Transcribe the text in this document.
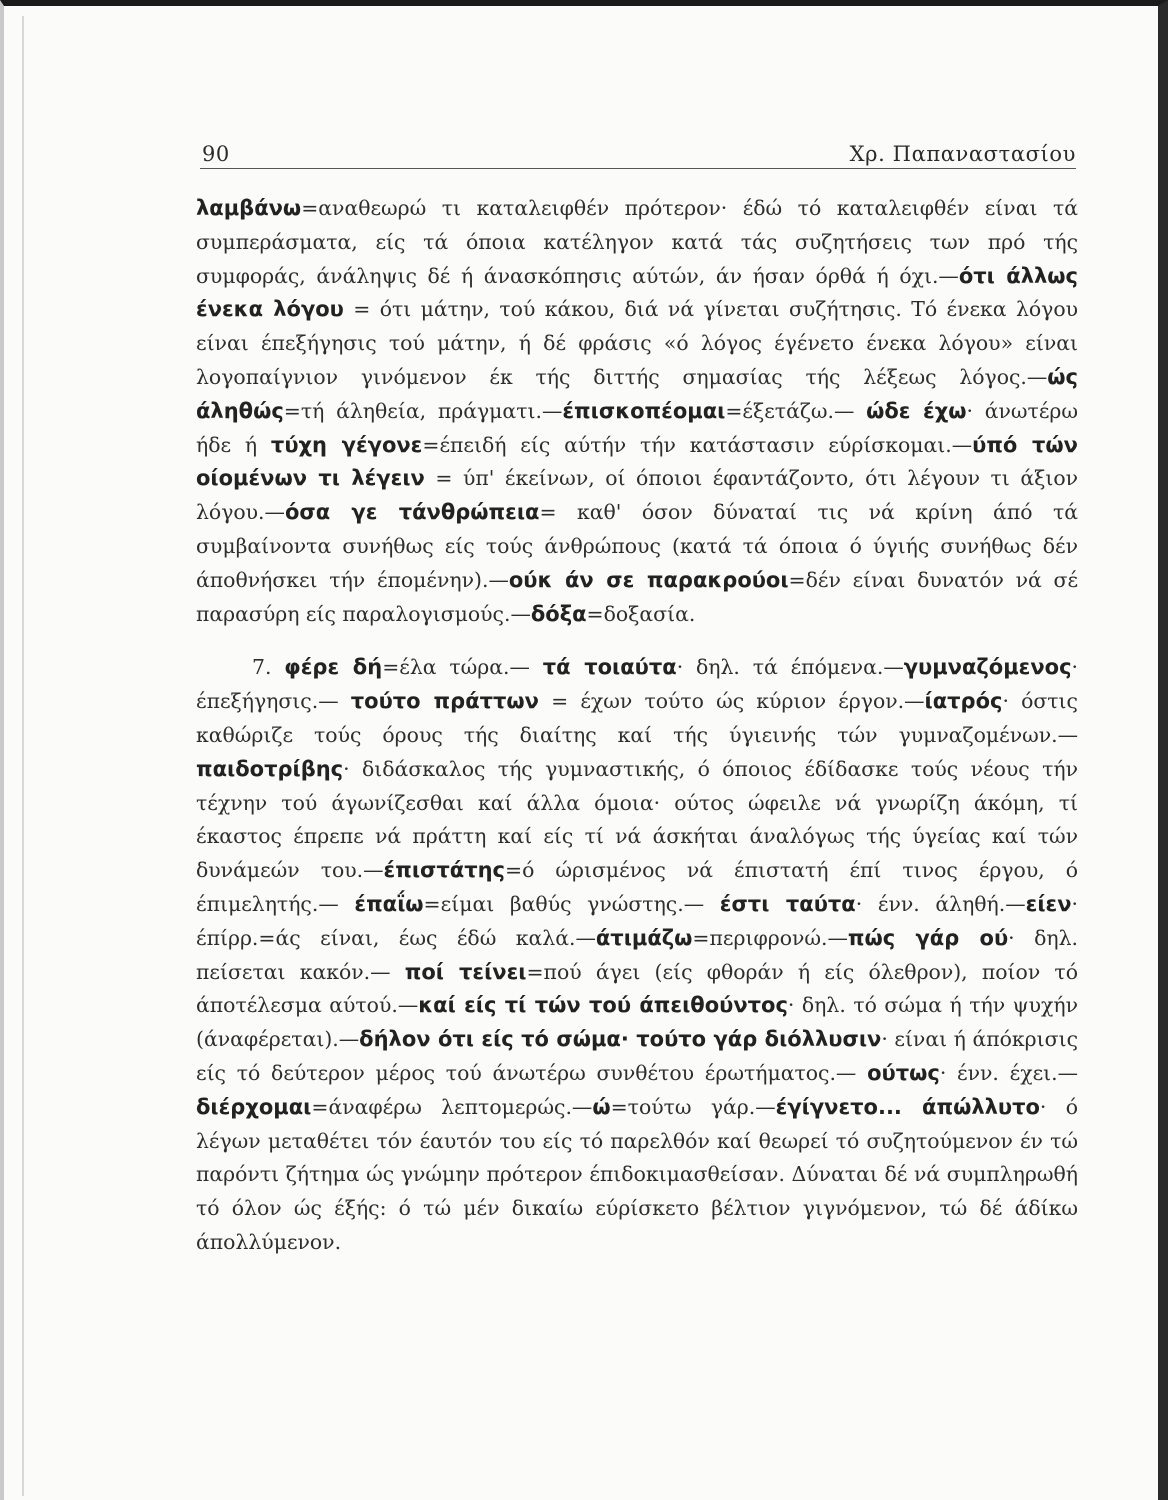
90	Χρ. Παπαναστασίου

λαμβάνω=αναθεωρώ τι καταλειφθέν πρότερον· έδώ τό καταλειφθέν είναι τά συμπεράσματα, είς τά όποια κατέληγον κατά τάς συζητήσεις των πρό τής συμφοράς, άνάληψις δέ ή άνασκόπησις αύτών, άν ήσαν όρθά ή όχι.—ότι άλλως ένεκα λόγου = ότι μάτην, τού κάκου, διά νά γίνεται συζήτησις. Τό ένεκα λόγου είναι έπεξήγησις τού μάτην, ή δέ φράσις «ό λόγος έγένετο ένεκα λόγου» είναι λογοπαίγνιον γινόμενον έκ τής διττής σημασίας τής λέξεως λόγος.—ώς άληθώς=τή άληθεία, πράγματι.—έπισκοπέομαι=έξετάζω.— ώδε έχω· άνωτέρω ήδε ή τύχη γέγονε=έπειδή είς αύτήν τήν κατάστασιν εύρίσκομαι.—ύπό τών οίομένων τι λέγειν = ύπ' έκείνων, οί όποιοι έφαντάζοντο, ότι λέγουν τι άξιον λόγου.—όσα γε τάνθρώπεια= καθ' όσον δύναταί τις νά κρίνη άπό τά συμβαίνοντα συνήθως είς τούς άνθρώπους (κατά τά όποια ό ύγιής συνήθως δέν άποθνήσκει τήν έπομένην).—ούκ άν σε παρακρούοι=δέν είναι δυνατόν νά σέ παρασύρη είς παραλογισμούς.—δόξα=δοξασία.

7. φέρε δή=έλα τώρα.— τά τοιαύτα· δηλ. τά έπόμενα.—γυμναζόμενος· έπεξήγησις.— τούτο πράττων = έχων τούτο ώς κύριον έργον.—ίατρός· όστις καθώριζε τούς όρους τής διαίτης καί τής ύγιεινής τών γυμναζομένων.—παιδοτρίβης· διδάσκαλος τής γυμναστικής, ό όποιος έδίδασκε τούς νέους τήν τέχνην τού άγωνίζεσθαι καί άλλα όμοια· ούτος ώφειλε νά γνωρίζη άκόμη, τί έκαστος έπρεπε νά πράττη καί είς τί νά άσκήται άναλόγως τής ύγείας καί τών δυνάμεών του.—έπιστάτης=ό ώρισμένος νά έπιστατή έπί τινος έργου, ό έπιμελητής.— έπαΐω=είμαι βαθύς γνώστης.— έστι ταύτα· ένν. άληθή.—είεν· έπίρρ.=άς είναι, έως έδώ καλά.—άτιμάζω=περιφρονώ.—πώς γάρ ού· δηλ. πείσεται κακόν.— ποί τείνει=πού άγει (είς φθοράν ή είς όλεθρον), ποίον τό άποτέλεσμα αύτού.—καί είς τί τών τού άπειθούντος· δηλ. τό σώμα ή τήν ψυχήν (άναφέρεται).—δήλον ότι είς τό σώμα· τούτο γάρ διόλλυσιν· είναι ή άπόκρισις είς τό δεύτερον μέρος τού άνωτέρω συνθέτου έρωτήματος.— ούτως· ένν. έχει.—διέρχομαι=άναφέρω λεπτομερώς.—ώ=τούτω γάρ.—έγίγνετο... άπώλλυτο· ό λέγων μεταθέτει τόν έαυτόν του είς τό παρελθόν καί θεωρεί τό συζητούμενον έν τώ παρόντι ζήτημα ώς γνώμην πρότερον έπιδοκιμασθείσαν. Δύναται δέ νά συμπληρωθή τό όλον ώς έξής: ό τώ μέν δικαίω εύρίσκετο βέλτιον γιγνόμενον, τώ δέ άδίκω άπολλύμενον.
